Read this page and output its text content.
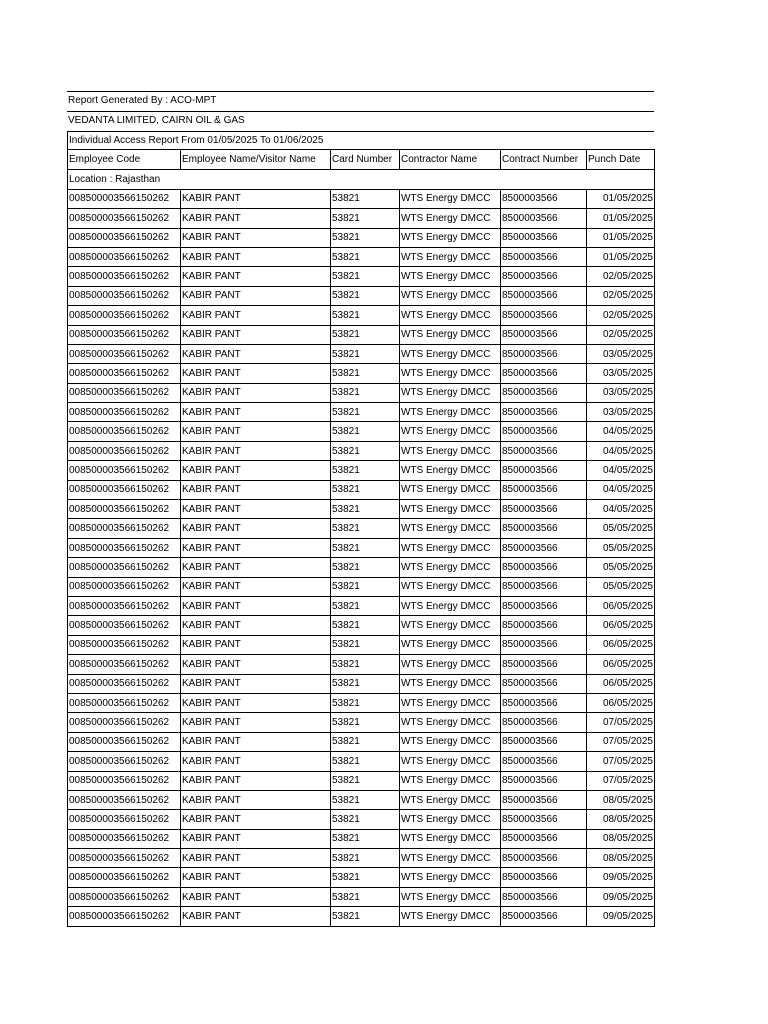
Report Generated By : ACO-MPT
VEDANTA LIMITED, CAIRN OIL & GAS
Individual Access Report From 01/05/2025 To 01/06/2025
Employee Code	Employee Name/Visitor Name	Card Number	Contractor Name	Contract Number	Punch Date
Location : Rajasthan					
008500003566150262	KABIR PANT	53821	WTS Energy DMCC	8500003566	01/05/2025
008500003566150262	KABIR PANT	53821	WTS Energy DMCC	8500003566	01/05/2025
008500003566150262	KABIR PANT	53821	WTS Energy DMCC	8500003566	01/05/2025
008500003566150262	KABIR PANT	53821	WTS Energy DMCC	8500003566	01/05/2025
008500003566150262	KABIR PANT	53821	WTS Energy DMCC	8500003566	02/05/2025
008500003566150262	KABIR PANT	53821	WTS Energy DMCC	8500003566	02/05/2025
008500003566150262	KABIR PANT	53821	WTS Energy DMCC	8500003566	02/05/2025
008500003566150262	KABIR PANT	53821	WTS Energy DMCC	8500003566	02/05/2025
008500003566150262	KABIR PANT	53821	WTS Energy DMCC	8500003566	03/05/2025
008500003566150262	KABIR PANT	53821	WTS Energy DMCC	8500003566	03/05/2025
008500003566150262	KABIR PANT	53821	WTS Energy DMCC	8500003566	03/05/2025
008500003566150262	KABIR PANT	53821	WTS Energy DMCC	8500003566	03/05/2025
008500003566150262	KABIR PANT	53821	WTS Energy DMCC	8500003566	04/05/2025
008500003566150262	KABIR PANT	53821	WTS Energy DMCC	8500003566	04/05/2025
008500003566150262	KABIR PANT	53821	WTS Energy DMCC	8500003566	04/05/2025
008500003566150262	KABIR PANT	53821	WTS Energy DMCC	8500003566	04/05/2025
008500003566150262	KABIR PANT	53821	WTS Energy DMCC	8500003566	04/05/2025
008500003566150262	KABIR PANT	53821	WTS Energy DMCC	8500003566	05/05/2025
008500003566150262	KABIR PANT	53821	WTS Energy DMCC	8500003566	05/05/2025
008500003566150262	KABIR PANT	53821	WTS Energy DMCC	8500003566	05/05/2025
008500003566150262	KABIR PANT	53821	WTS Energy DMCC	8500003566	05/05/2025
008500003566150262	KABIR PANT	53821	WTS Energy DMCC	8500003566	06/05/2025
008500003566150262	KABIR PANT	53821	WTS Energy DMCC	8500003566	06/05/2025
008500003566150262	KABIR PANT	53821	WTS Energy DMCC	8500003566	06/05/2025
008500003566150262	KABIR PANT	53821	WTS Energy DMCC	8500003566	06/05/2025
008500003566150262	KABIR PANT	53821	WTS Energy DMCC	8500003566	06/05/2025
008500003566150262	KABIR PANT	53821	WTS Energy DMCC	8500003566	06/05/2025
008500003566150262	KABIR PANT	53821	WTS Energy DMCC	8500003566	07/05/2025
008500003566150262	KABIR PANT	53821	WTS Energy DMCC	8500003566	07/05/2025
008500003566150262	KABIR PANT	53821	WTS Energy DMCC	8500003566	07/05/2025
008500003566150262	KABIR PANT	53821	WTS Energy DMCC	8500003566	07/05/2025
008500003566150262	KABIR PANT	53821	WTS Energy DMCC	8500003566	08/05/2025
008500003566150262	KABIR PANT	53821	WTS Energy DMCC	8500003566	08/05/2025
008500003566150262	KABIR PANT	53821	WTS Energy DMCC	8500003566	08/05/2025
008500003566150262	KABIR PANT	53821	WTS Energy DMCC	8500003566	08/05/2025
008500003566150262	KABIR PANT	53821	WTS Energy DMCC	8500003566	09/05/2025
008500003566150262	KABIR PANT	53821	WTS Energy DMCC	8500003566	09/05/2025
008500003566150262	KABIR PANT	53821	WTS Energy DMCC	8500003566	09/05/2025
